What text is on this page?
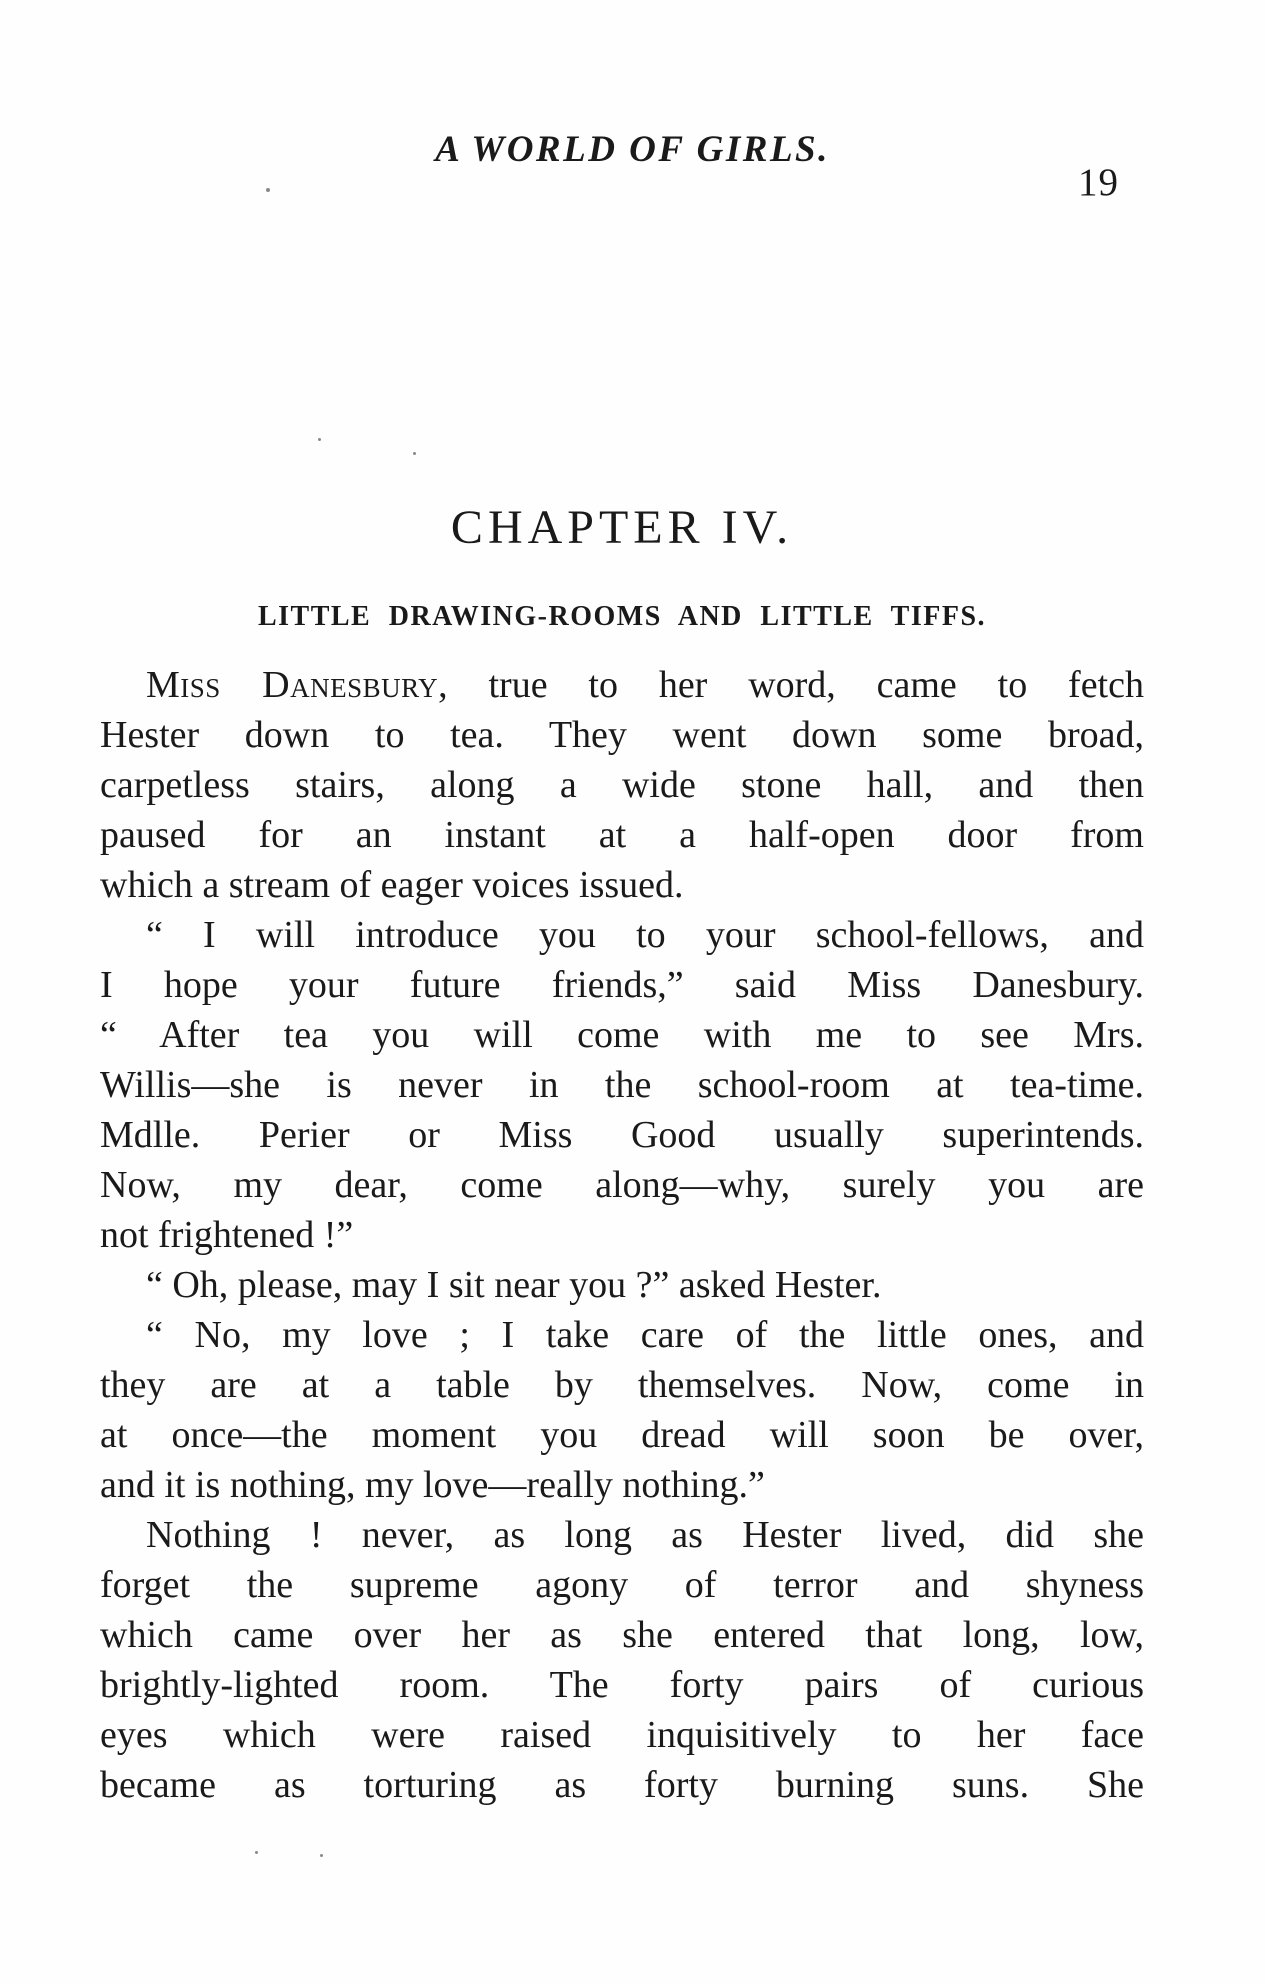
A WORLD OF GIRLS.
19
CHAPTER IV.
LITTLE DRAWING-ROOMS AND LITTLE TIFFS.
Miss Danesbury, true to her word, came to fetch
Hester down to tea. They went down some broad,
carpetless stairs, along a wide stone hall, and then
paused for an instant at a half-open door from
which a stream of eager voices issued.
“ I will introduce you to your school-fellows, and
I hope your future friends,” said Miss Danesbury.
“ After tea you will come with me to see Mrs.
Willis—she is never in the school-room at tea-time.
Mdlle. Perier or Miss Good usually superintends.
Now, my dear, come along—why, surely you are
not frightened !”
“ Oh, please, may I sit near you ?” asked Hester.
“ No, my love ; I take care of the little ones, and
they are at a table by themselves. Now, come in
at once—the moment you dread will soon be over,
and it is nothing, my love—really nothing.”
Nothing ! never, as long as Hester lived, did she
forget the supreme agony of terror and shyness
which came over her as she entered that long, low,
brightly-lighted room. The forty pairs of curious
eyes which were raised inquisitively to her face
became as torturing as forty burning suns. She
